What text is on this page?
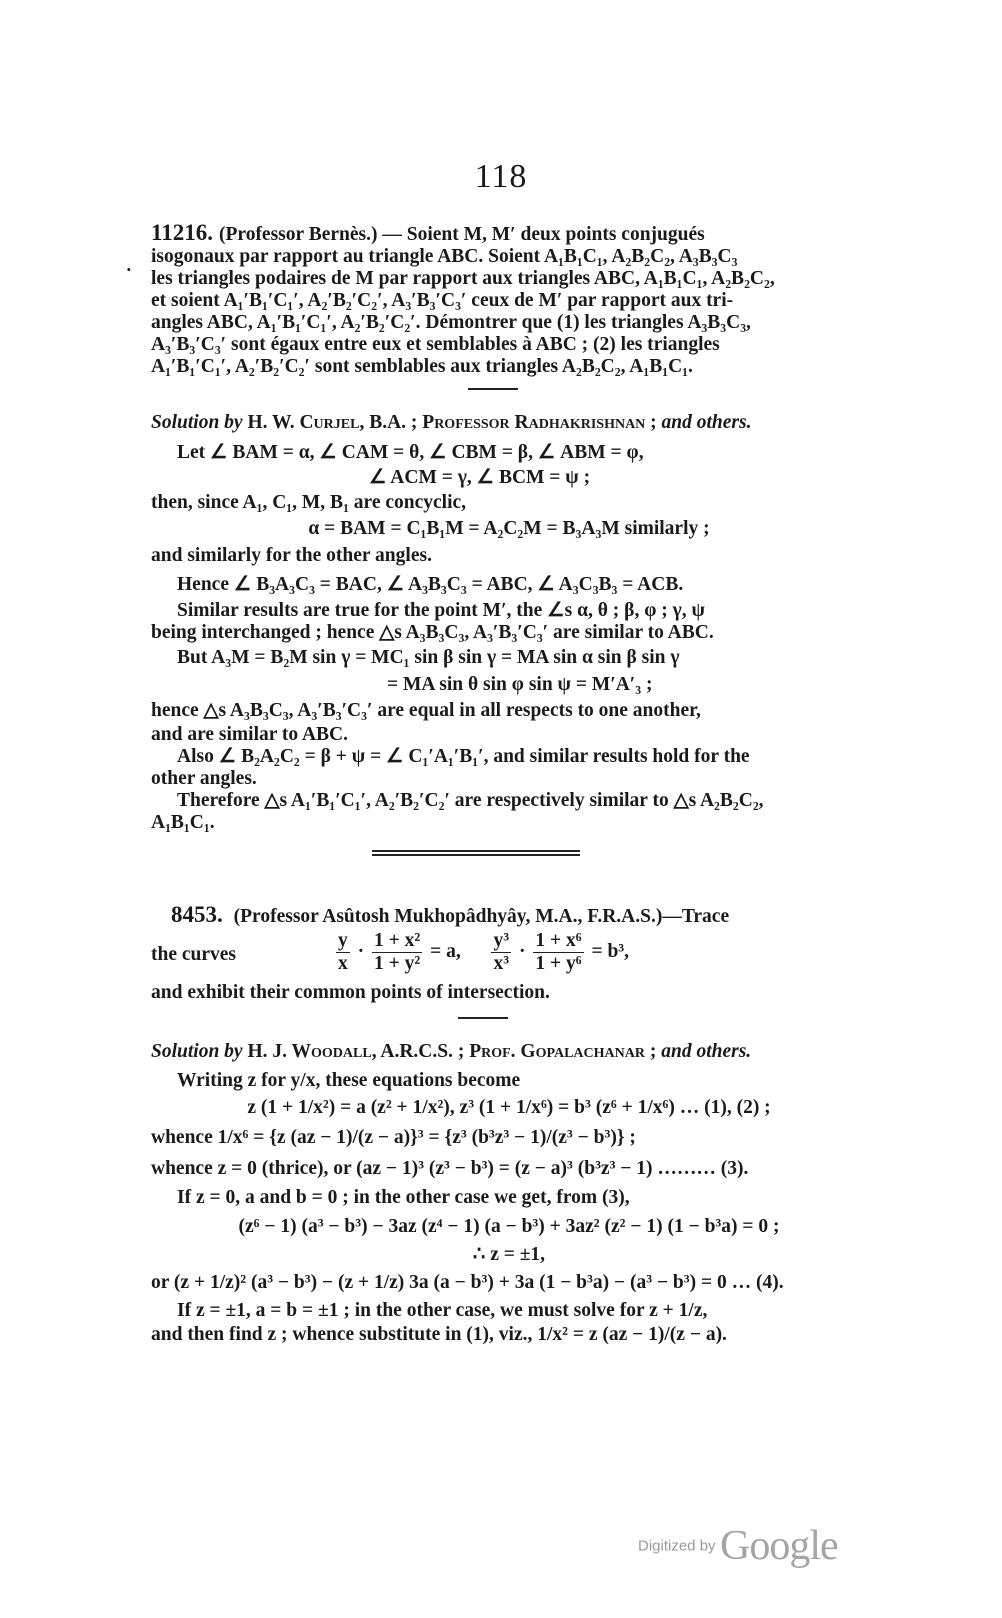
118
.
11216. (Professor Bernès.) — Soient M, M′ deux points conjugués
isogonaux par rapport au triangle ABC. Soient A₁B₁C₁, A₂B₂C₂, A₃B₃C₃
les triangles podaires de M par rapport aux triangles ABC, A₁B₁C₁, A₂B₂C₂,
et soient A₁′B₁′C₁′, A₂′B₂′C₂′, A₃′B₃′C₃′ ceux de M′ par rapport aux tri-
angles ABC, A₁′B₁′C₁′, A₂′B₂′C₂′. Démontrer que (1) les triangles A₃B₃C₃,
A₃′B₃′C₃′ sont égaux entre eux et semblables à ABC ; (2) les triangles
A₁′B₁′C₁′, A₂′B₂′C₂′ sont semblables aux triangles A₂B₂C₂, A₁B₁C₁.
Solution by H. W. Curjel, B.A. ; Professor Radhakrishnan ; and others.
Let ∠ BAM = α, ∠ CAM = θ, ∠ CBM = β, ∠ ABM = φ,
∠ ACM = γ, ∠ BCM = ψ ;
then, since A₁, C₁, M, B₁ are concyclic,
α = BAM = C₁B₁M = A₂C₂M = B₃A₃M similarly ;
and similarly for the other angles.
Hence ∠ B₃A₃C₃ = BAC, ∠ A₃B₃C₃ = ABC, ∠ A₃C₃B₃ = ACB.
Similar results are true for the point M′, the ∠s α, θ ; β, φ ; γ, ψ
being interchanged ; hence △s A₃B₃C₃, A₃′B₃′C₃′ are similar to ABC.
But A₃M = B₂M sin γ = MC₁ sin β sin γ = MA sin α sin β sin γ
= MA sin θ sin φ sin ψ = M′A′₃ ;
hence △s A₃B₃C₃, A₃′B₃′C₃′ are equal in all respects to one another,
and are similar to ABC.
Also ∠ B₂A₂C₂ = β + ψ = ∠ C₁′A₁′B₁′, and similar results hold for the
other angles.
Therefore △s A₁′B₁′C₁′, A₂′B₂′C₂′ are respectively similar to △s A₂B₂C₂,
A₁B₁C₁.
8453. (Professor Asûtosh Mukhopâdhyây, M.A., F.R.A.S.)—Trace
the curves	$\frac{y}{x} \cdot \frac{\text{1 + x²}}{\text{1 + y²}} = a$, $\frac{\text{y³}}{\text{x³}} \cdot \frac{\text{1 + x⁶}}{\text{1 + y⁶}} = b^3$,
and exhibit their common points of intersection.
Solution by H. J. Woodall, A.R.C.S. ; Prof. Gopalachanar ; and others.
Writing z for y/x, these equations become
z (1 + 1/x²) = a (z² + 1/x²), z³ (1 + 1/x⁶) = b³ (z⁶ + 1/x⁶) … (1), (2) ;
whence 1/x⁶ = {z (az − 1)/(z − a)}³ = {z³ (b³z³ − 1)/(z³ − b³)} ;
whence z = 0 (thrice), or (az − 1)³ (z³ − b³) = (z − a)³ (b³z³ − 1) ……… (3).
If z = 0, a and b = 0 ; in the other case we get, from (3),
(z⁶ − 1) (a³ − b³) − 3az (z⁴ − 1) (a − b³) + 3az² (z² − 1) (1 − b³a) = 0 ;
∴ z = ±1,
or (z + 1/z)² (a³ − b³) − (z + 1/z) 3a (a − b³) + 3a (1 − b³a) − (a³ − b³) = 0 … (4).
If z = ±1, a = b = ±1 ; in the other case, we must solve for z + 1/z,
and then find z ; whence substitute in (1), viz., 1/x² = z (az − 1)/(z − a).
Digitized by Google
